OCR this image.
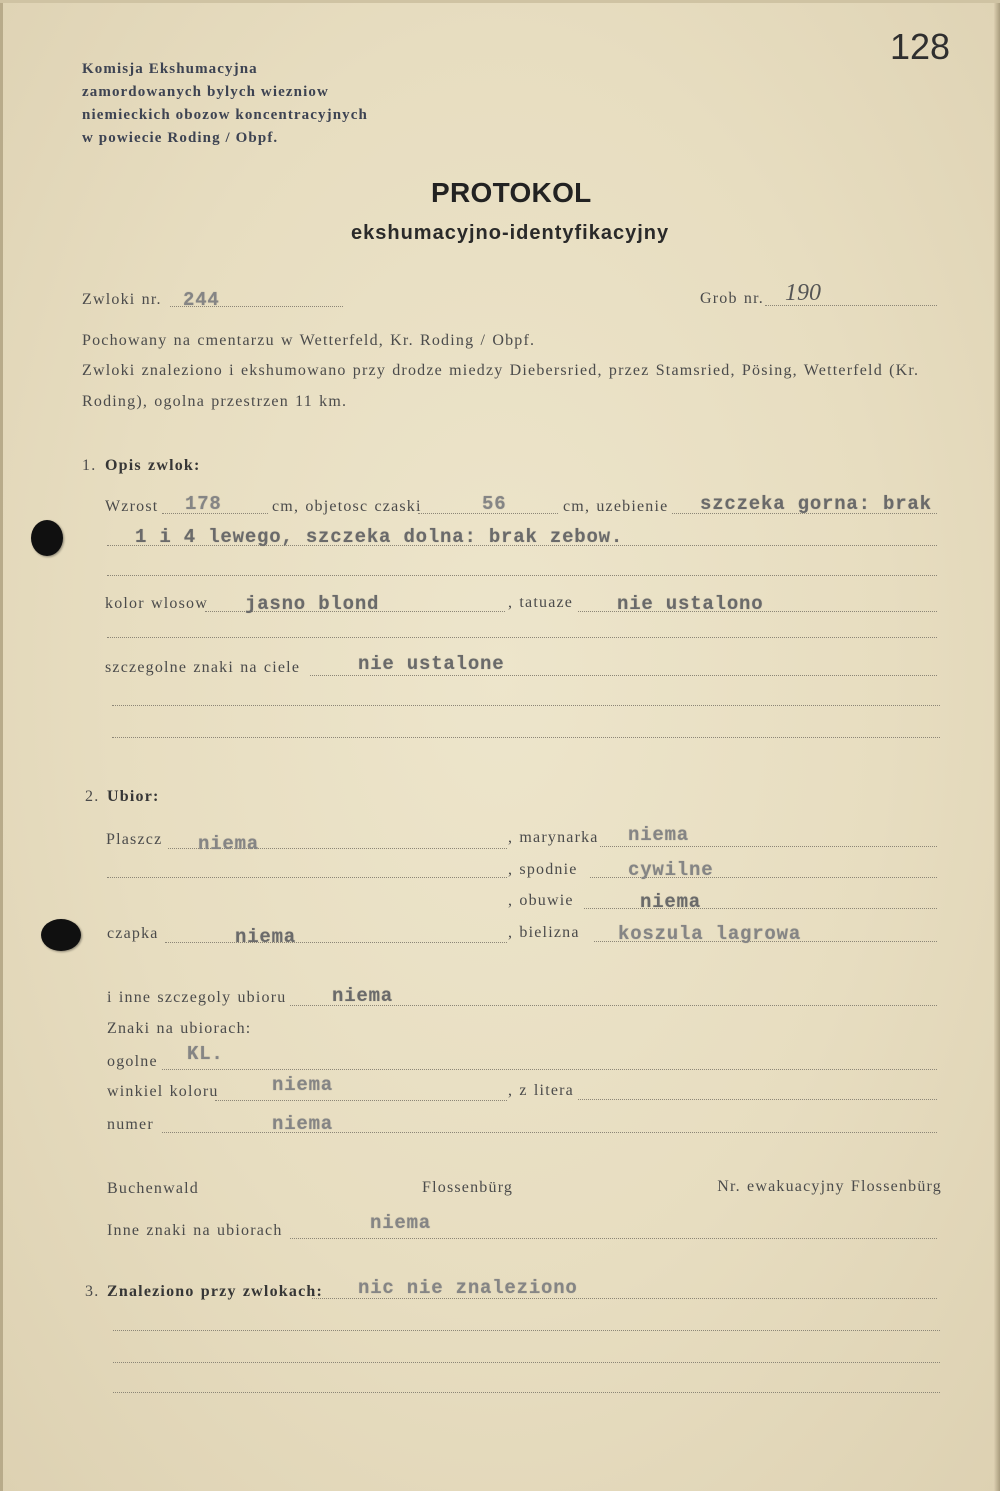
128
Komisja Ekshumacyjna
zamordowanych bylych wiezniow
niemieckich obozow koncentracyjnych
w powiecie Roding / Obpf.
PROTOKOL
ekshumacyjno-identyfikacyjny
Zwloki nr. 244	Grob nr. 190
Pochowany na cmentarzu w Wetterfeld, Kr. Roding / Obpf.
Zwloki znaleziono i ekshumowano przy drodze miedzy Diebersried, przez Stamsried, Pösing, Wetterfeld (Kr.
Roding), ogolna przestrzen 11 km.
1. Opis zwlok:
Wzrost 178	cm, objetosc czaski	56	cm, uzebienie szczeka gorna: brak
1 i 4 lewego, szczeka dolna: brak zebow.
kolor wlosow jasno blond	, tatuaze nie ustalono
szczegolne znaki na ciele	nie ustalone
2. Ubior:
Plaszcz niema	, marynarka niema
, spodnie	cywilne
, obuwie	niema
czapka	niema	, bielizna koszula lagrowa
i inne szczegoly ubioru niema
Znaki na ubiorach:
ogolne KL.
winkiel koloru	niema	, z litera
numer	niema
Buchenwald	Flossenbürg	Nr. ewakuacyjny Flossenbürg
Inne znaki na ubiorach	niema
3. Znaleziono przy zwlokach: nic nie znaleziono
